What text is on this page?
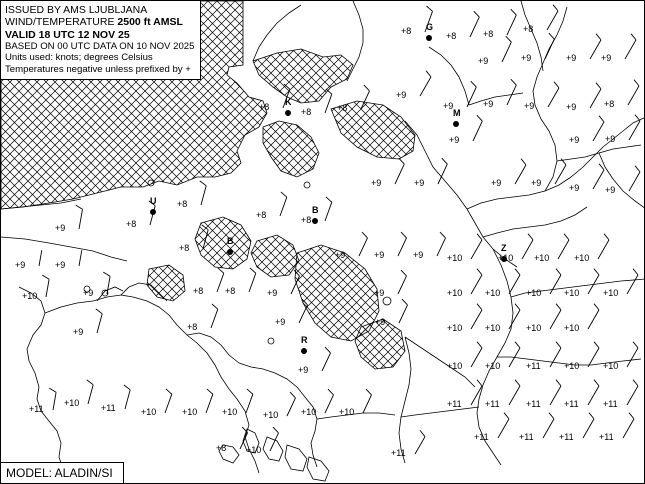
+8	+8	+8	+8
+9	+9	+9	+9
+8	+8	+8
+9
+9	+9	+9	+9	+8
+9	+9	+9
+9	+9	+9	+9	+9	+9
+8
+8
+9
+8	+8
+8
+9	+9	+9	+10	+10 +10	+10
+9	+9
+10	+9	+8 +8	+9	+9	+10	+10	+10	+10	+10
+9	+8	+9	+9
+10	+10	+10	+10
+9	+10	+10	+11	+10	+10
+10 +11	+10	+10	+10	+10	+10	+10
+11	+11	+11	+11	+11
+11
+10	+11
+11	+11	+11	+11
+8
G
K
M
U
B
B
Z
R
ISSUED BY AMS LJUBLJANA
WIND/TEMPERATURE 2500 ft AMSL
VALID 18 UTC 12 NOV 25
BASED ON 00 UTC DATA ON 10 NOV 2025
Units used: knots; degrees Celsius
Temperatures negative unless prefixed by +
MODEL: ALADIN/SI
